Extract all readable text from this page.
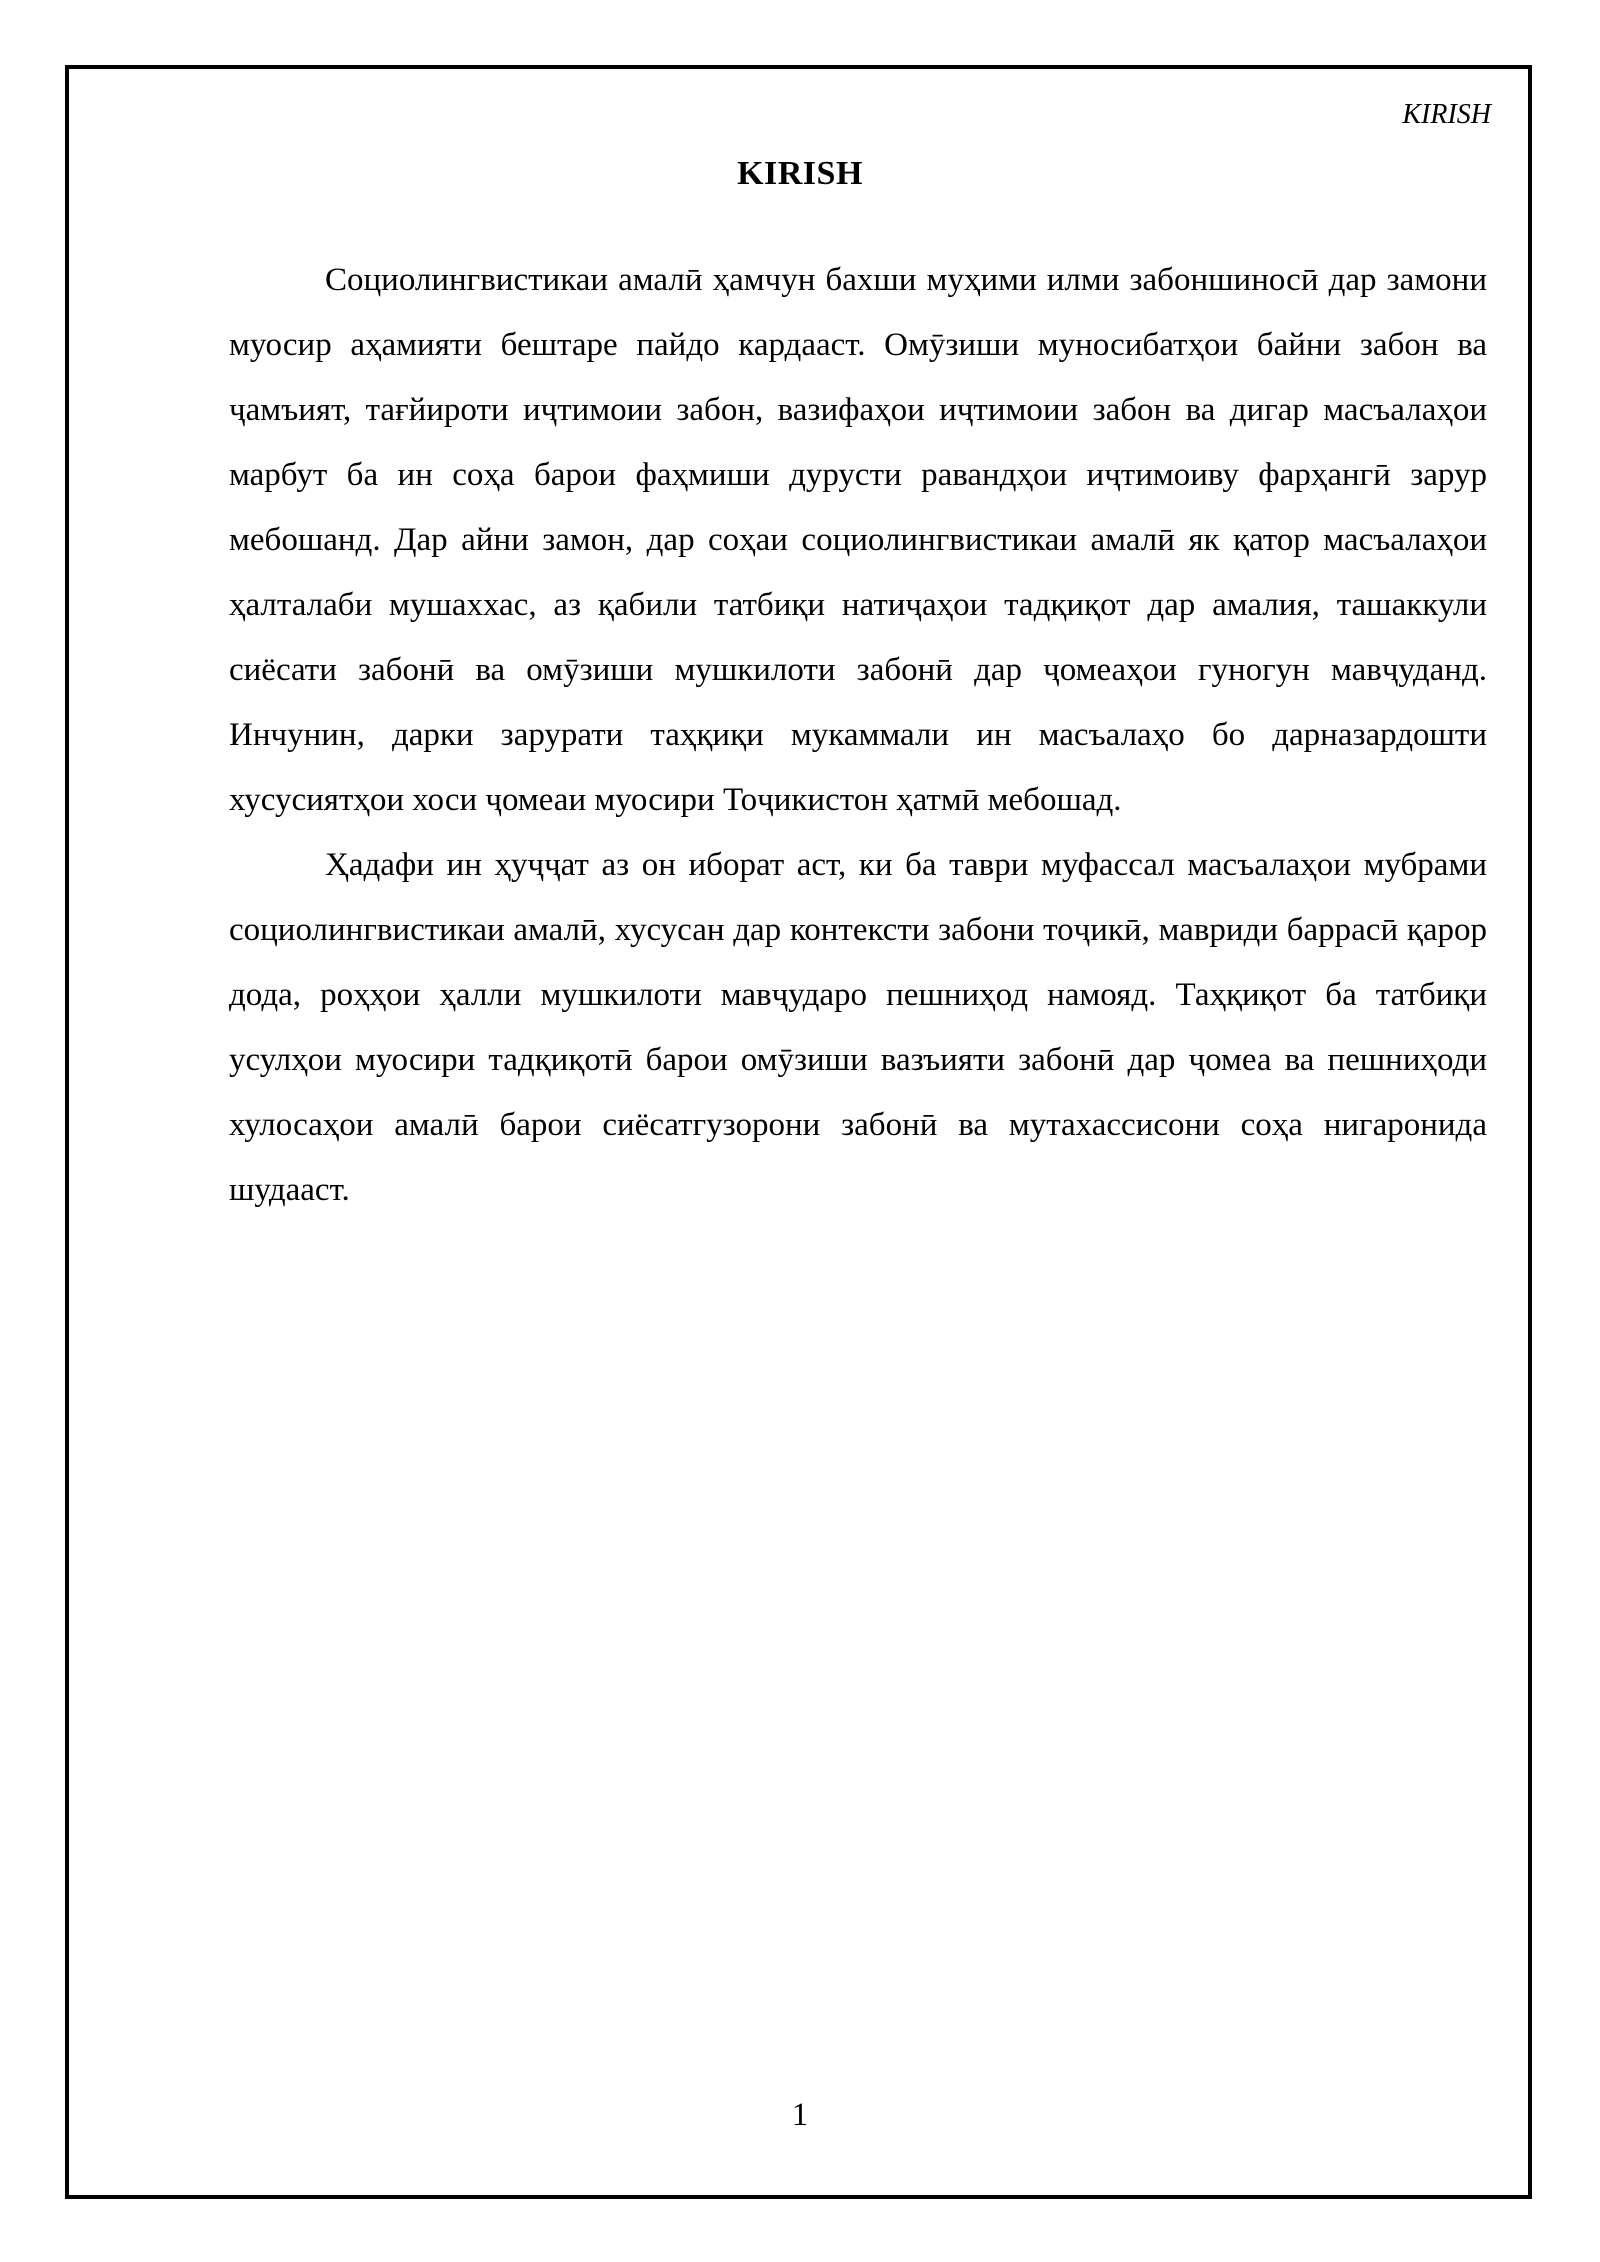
KIRISH
KIRISH

Социолингвистикаи амалӣ ҳамчун бахши муҳими илми забоншиносӣ дар замони муосир аҳамияти бештаре пайдо кардааст. Омӯзиши муносибатҳои байни забон ва ҷамъият, тағйироти иҷтимоии забон, вазифаҳои иҷтимоии забон ва дигар масъалаҳои марбут ба ин соҳа барои фаҳмиши дурусти равандҳои иҷтимоиву фарҳангӣ зарур мебошанд. Дар айни замон, дар соҳаи социолингвистикаи амалӣ як қатор масъалаҳои ҳалталаби мушаххас, аз қабили татбиқи натиҷаҳои тадқиқот дар амалия, ташаккули сиёсати забонӣ ва омӯзиши мушкилоти забонӣ дар ҷомеаҳои гуногун мавҷуданд. Инчунин, дарки зарурати таҳқиқи мукаммали ин масъалаҳо бо дарназардошти хусусиятҳои хоси ҷомеаи муосири Тоҷикистон ҳатмӣ мебошад.

Ҳадафи ин ҳуҷҷат аз он иборат аст, ки ба таври муфассал масъалаҳои мубрами социолингвистикаи амалӣ, хусусан дар контексти забони тоҷикӣ, мавриди баррасӣ қарор дода, роҳҳои ҳалли мушкилоти мавҷударо пешниҳод намояд. Таҳқиқот ба татбиқи усулҳои муосири тадқиқотӣ барои омӯзиши вазъияти забонӣ дар ҷомеа ва пешниҳоди хулосаҳои амалӣ барои сиёсатгузорони забонӣ ва мутахассисони соҳа нигаронида шудааст.

1
